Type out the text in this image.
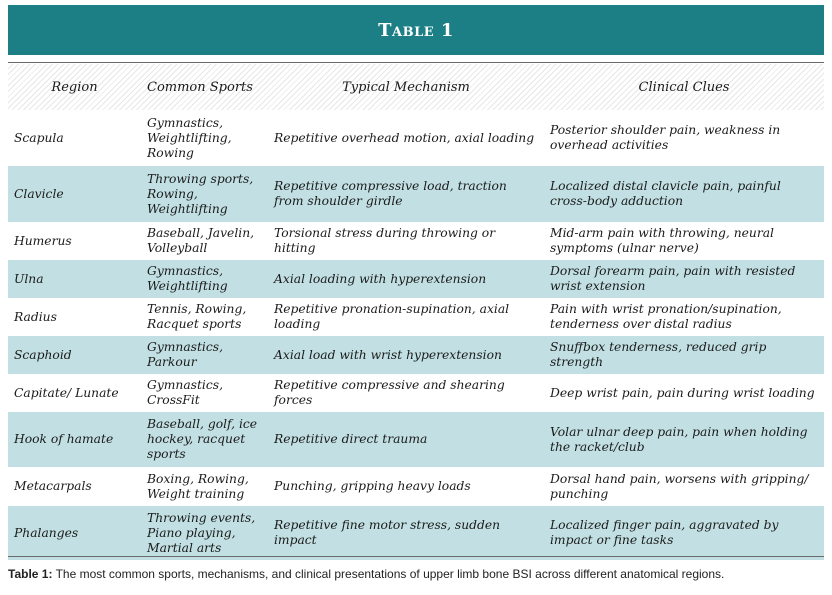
Table 1
Region	Common Sports	Typical Mechanism	Clinical Clues
Scapula	Gymnastics, Weightlifting, Rowing	Repetitive overhead motion, axial loading	Posterior shoulder pain, weakness in overhead activities
Clavicle	Throwing sports, Rowing, Weightlifting	Repetitive compressive load, traction from shoulder girdle	Localized distal clavicle pain, painful cross-body adduction
Humerus	Baseball, Javelin, Volleyball	Torsional stress during throwing or hitting	Mid-arm pain with throwing, neural symptoms (ulnar nerve)
Ulna	Gymnastics, Weightlifting	Axial loading with hyperextension	Dorsal forearm pain, pain with resisted wrist extension
Radius	Tennis, Rowing, Racquet sports	Repetitive pronation-supination, axial loading	Pain with wrist pronation/supination, tenderness over distal radius
Scaphoid	Gymnastics, Parkour	Axial load with wrist hyperextension	Snuffbox tenderness, reduced grip strength
Capitate/ Lunate	Gymnastics, CrossFit	Repetitive compressive and shearing forces	Deep wrist pain, pain during wrist loading
Hook of hamate	Baseball, golf, ice hockey, racquet sports	Repetitive direct trauma	Volar ulnar deep pain, pain when holding the racket/club
Metacarpals	Boxing, Rowing, Weight training	Punching, gripping heavy loads	Dorsal hand pain, worsens with gripping/ punching
Phalanges	Throwing events, Piano playing, Martial arts	Repetitive fine motor stress, sudden impact	Localized finger pain, aggravated by impact or fine tasks
Table 1: The most common sports, mechanisms, and clinical presentations of upper limb bone BSI across different anatomical regions.
